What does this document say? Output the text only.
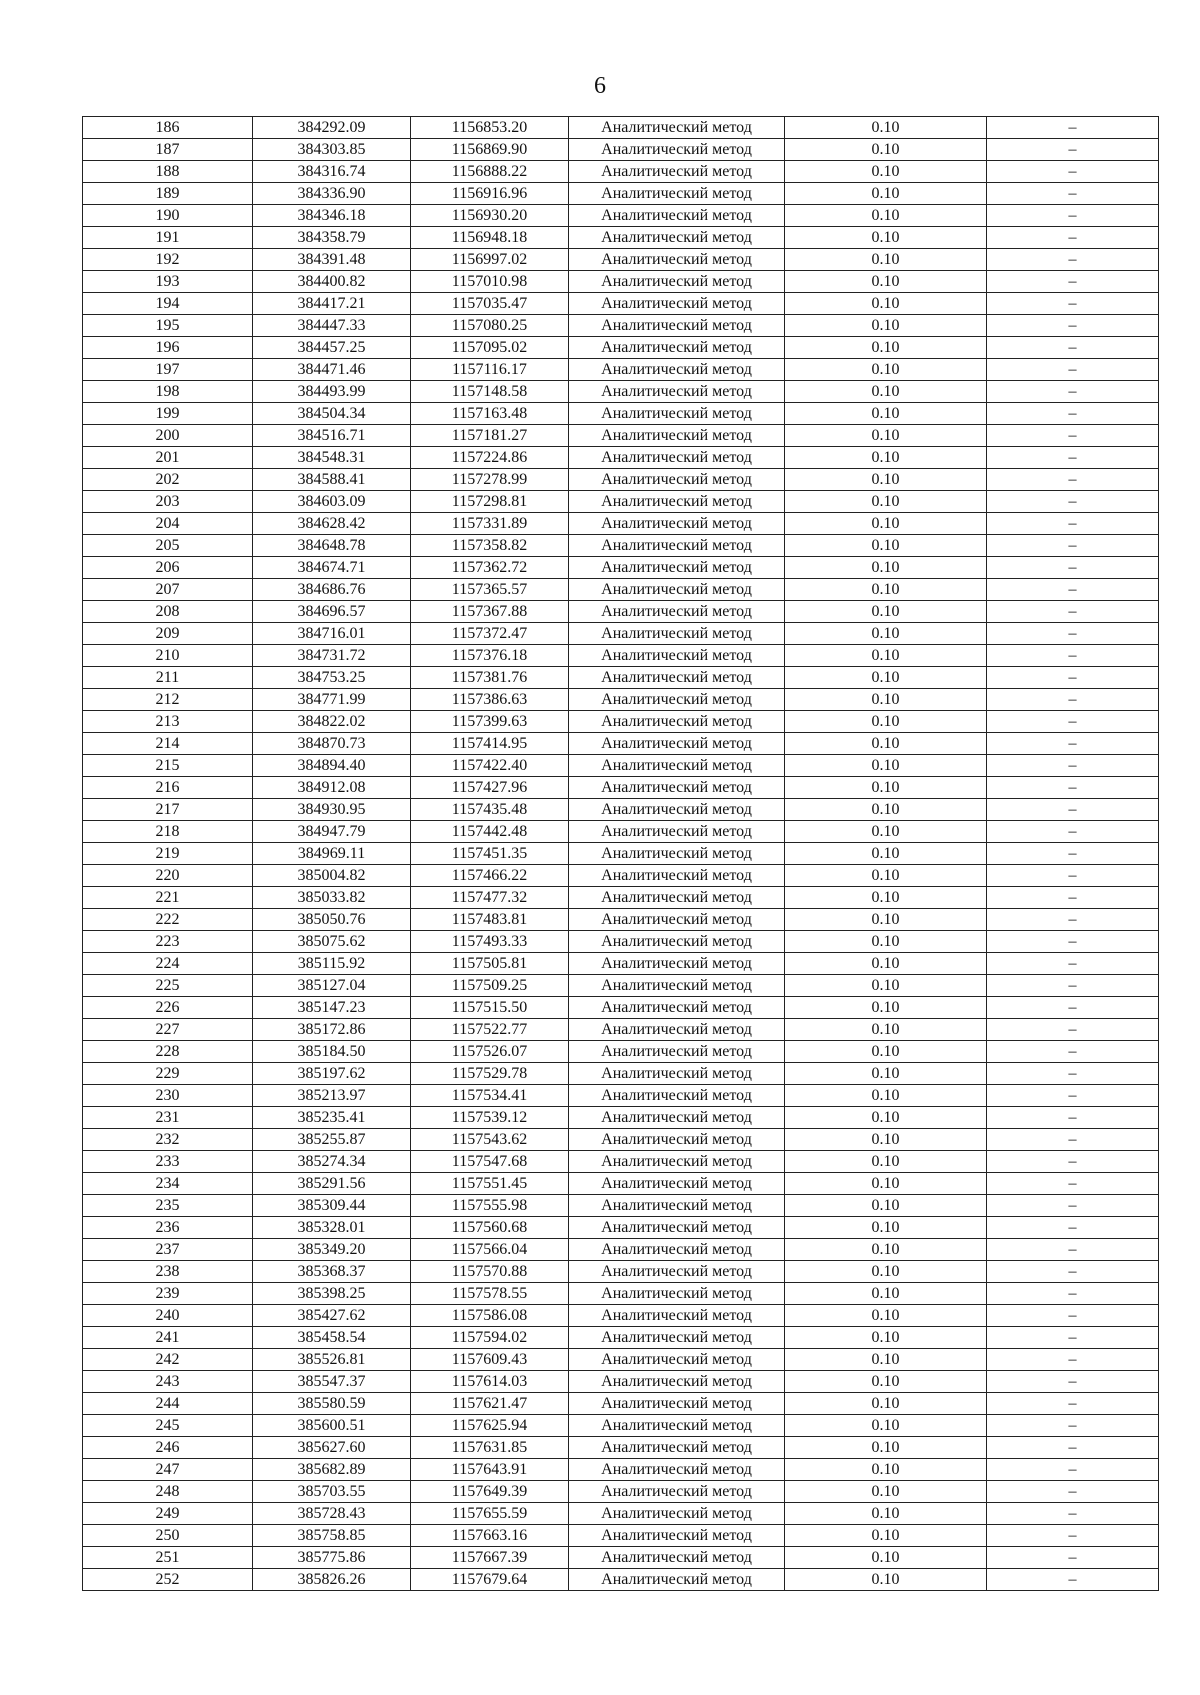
6
186	384292.09	1156853.20	Аналитический метод	0.10	–
187	384303.85	1156869.90	Аналитический метод	0.10	–
188	384316.74	1156888.22	Аналитический метод	0.10	–
189	384336.90	1156916.96	Аналитический метод	0.10	–
190	384346.18	1156930.20	Аналитический метод	0.10	–
191	384358.79	1156948.18	Аналитический метод	0.10	–
192	384391.48	1156997.02	Аналитический метод	0.10	–
193	384400.82	1157010.98	Аналитический метод	0.10	–
194	384417.21	1157035.47	Аналитический метод	0.10	–
195	384447.33	1157080.25	Аналитический метод	0.10	–
196	384457.25	1157095.02	Аналитический метод	0.10	–
197	384471.46	1157116.17	Аналитический метод	0.10	–
198	384493.99	1157148.58	Аналитический метод	0.10	–
199	384504.34	1157163.48	Аналитический метод	0.10	–
200	384516.71	1157181.27	Аналитический метод	0.10	–
201	384548.31	1157224.86	Аналитический метод	0.10	–
202	384588.41	1157278.99	Аналитический метод	0.10	–
203	384603.09	1157298.81	Аналитический метод	0.10	–
204	384628.42	1157331.89	Аналитический метод	0.10	–
205	384648.78	1157358.82	Аналитический метод	0.10	–
206	384674.71	1157362.72	Аналитический метод	0.10	–
207	384686.76	1157365.57	Аналитический метод	0.10	–
208	384696.57	1157367.88	Аналитический метод	0.10	–
209	384716.01	1157372.47	Аналитический метод	0.10	–
210	384731.72	1157376.18	Аналитический метод	0.10	–
211	384753.25	1157381.76	Аналитический метод	0.10	–
212	384771.99	1157386.63	Аналитический метод	0.10	–
213	384822.02	1157399.63	Аналитический метод	0.10	–
214	384870.73	1157414.95	Аналитический метод	0.10	–
215	384894.40	1157422.40	Аналитический метод	0.10	–
216	384912.08	1157427.96	Аналитический метод	0.10	–
217	384930.95	1157435.48	Аналитический метод	0.10	–
218	384947.79	1157442.48	Аналитический метод	0.10	–
219	384969.11	1157451.35	Аналитический метод	0.10	–
220	385004.82	1157466.22	Аналитический метод	0.10	–
221	385033.82	1157477.32	Аналитический метод	0.10	–
222	385050.76	1157483.81	Аналитический метод	0.10	–
223	385075.62	1157493.33	Аналитический метод	0.10	–
224	385115.92	1157505.81	Аналитический метод	0.10	–
225	385127.04	1157509.25	Аналитический метод	0.10	–
226	385147.23	1157515.50	Аналитический метод	0.10	–
227	385172.86	1157522.77	Аналитический метод	0.10	–
228	385184.50	1157526.07	Аналитический метод	0.10	–
229	385197.62	1157529.78	Аналитический метод	0.10	–
230	385213.97	1157534.41	Аналитический метод	0.10	–
231	385235.41	1157539.12	Аналитический метод	0.10	–
232	385255.87	1157543.62	Аналитический метод	0.10	–
233	385274.34	1157547.68	Аналитический метод	0.10	–
234	385291.56	1157551.45	Аналитический метод	0.10	–
235	385309.44	1157555.98	Аналитический метод	0.10	–
236	385328.01	1157560.68	Аналитический метод	0.10	–
237	385349.20	1157566.04	Аналитический метод	0.10	–
238	385368.37	1157570.88	Аналитический метод	0.10	–
239	385398.25	1157578.55	Аналитический метод	0.10	–
240	385427.62	1157586.08	Аналитический метод	0.10	–
241	385458.54	1157594.02	Аналитический метод	0.10	–
242	385526.81	1157609.43	Аналитический метод	0.10	–
243	385547.37	1157614.03	Аналитический метод	0.10	–
244	385580.59	1157621.47	Аналитический метод	0.10	–
245	385600.51	1157625.94	Аналитический метод	0.10	–
246	385627.60	1157631.85	Аналитический метод	0.10	–
247	385682.89	1157643.91	Аналитический метод	0.10	–
248	385703.55	1157649.39	Аналитический метод	0.10	–
249	385728.43	1157655.59	Аналитический метод	0.10	–
250	385758.85	1157663.16	Аналитический метод	0.10	–
251	385775.86	1157667.39	Аналитический метод	0.10	–
252	385826.26	1157679.64	Аналитический метод	0.10	–
